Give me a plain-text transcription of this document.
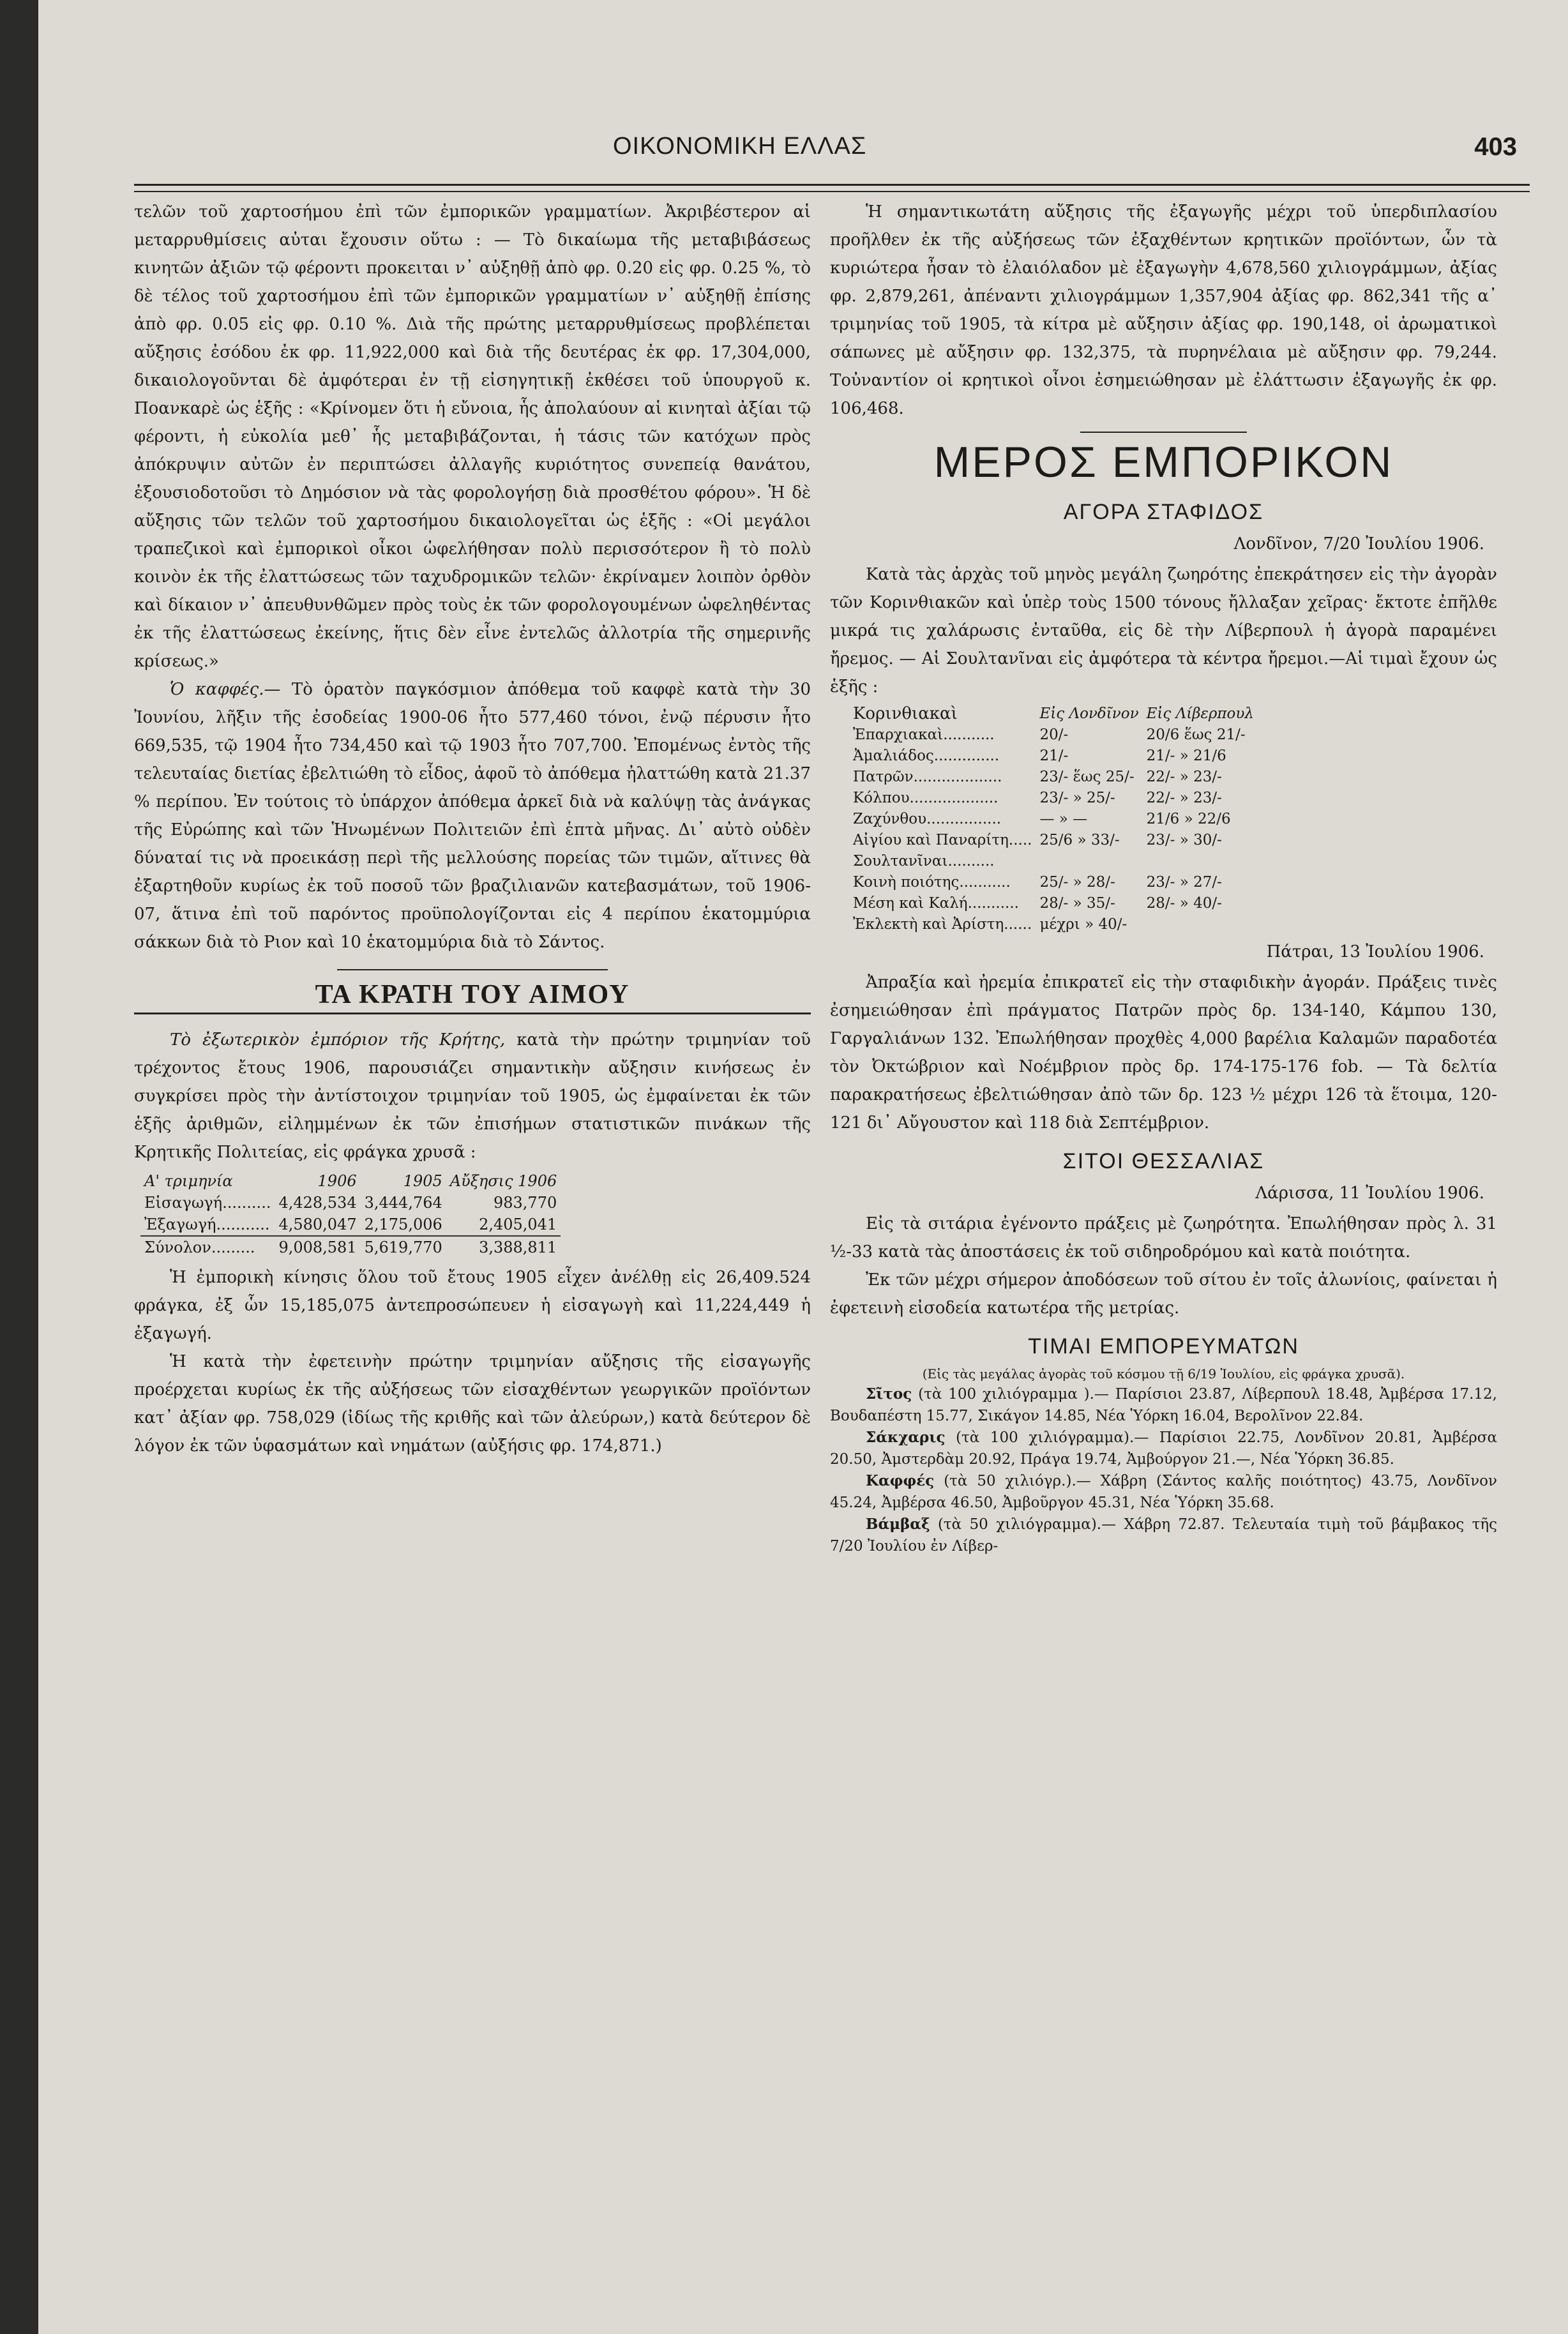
ΟΙΚΟΝΟΜΙΚΗ ΕΛΛΑΣ	403

τελῶν τοῦ χαρτοσήμου ἐπὶ τῶν ἐμπορικῶν γραμματίων. Ἀκριβέστερον αἱ μεταρρυθμίσεις αὐται ἔχουσιν οὕτω : — Τὸ δικαίωμα τῆς μεταβιβάσεως κινητῶν ἀξιῶν τῷ φέροντι προκειται ν᾿ αὐξηθῇ ἀπὸ φρ. 0.20 εἰς φρ. 0.25 %, τὸ δὲ τέλος τοῦ χαρτοσήμου ἐπὶ τῶν ἐμπορικῶν γραμματίων ν᾿ αὐξηθῇ ἐπίσης ἀπὸ φρ. 0.05 εἰς φρ. 0.10 %. Διὰ τῆς πρώτης μεταρρυθμίσεως προβλέπεται αὔξησις ἐσόδου ἐκ φρ. 11,922,000 καὶ διὰ τῆς δευτέρας ἐκ φρ. 17,304,000, δικαιολογοῦνται δὲ ἀμφότεραι ἐν τῇ εἰσηγητικῇ ἐκθέσει τοῦ ὑπουργοῦ κ. Ποανκαρὲ ὡς ἑξῆς : «Κρίνομεν ὅτι ἡ εὔνοια, ἧς ἀπολαύουν αἱ κινηταὶ ἀξίαι τῷ φέροντι, ἡ εὐκολία μεθ᾿ ἧς μεταβιβάζονται, ἡ τάσις τῶν κατόχων πρὸς ἀπόκρυψιν αὐτῶν ἐν περιπτώσει ἀλλαγῆς κυριότητος συνεπείᾳ θανάτου, ἐξουσιοδοτοῦσι τὸ Δημόσιον νὰ τὰς φορολογήσῃ διὰ προσθέτου φόρου». Ἡ δὲ αὔξησις τῶν τελῶν τοῦ χαρτοσήμου δικαιολογεῖται ὡς ἑξῆς : «Οἱ μεγάλοι τραπεζικοὶ καὶ ἐμπορικοὶ οἶκοι ὠφελήθησαν πολὺ περισσότερον ἢ τὸ πολὺ κοινὸν ἐκ τῆς ἐλαττώσεως τῶν ταχυδρομικῶν τελῶν· ἐκρίναμεν λοιπὸν ὀρθὸν καὶ δίκαιον ν᾿ ἀπευθυνθῶμεν πρὸς τοὺς ἐκ τῶν φορολογουμένων ὠφεληθέντας ἐκ τῆς ἐλαττώσεως ἐκείνης, ἥτις δὲν εἶνε ἐντελῶς ἀλλοτρία τῆς σημερινῆς κρίσεως.»

Ὁ καφφές.— Τὸ ὁρατὸν παγκόσμιον ἀπόθεμα τοῦ καφφὲ κατὰ τὴν 30 Ἰουνίου, λῆξιν τῆς ἐσοδείας 1900-06 ἦτο 577,460 τόνοι, ἐνῷ πέρυσιν ἦτο 669,535, τῷ 1904 ἦτο 734,450 καὶ τῷ 1903 ἦτο 707,700. Ἐπομένως ἐντὸς τῆς τελευταίας διετίας ἐβελτιώθη τὸ εἶδος, ἀφοῦ τὸ ἀπόθεμα ἠλαττώθη κατὰ 21.37 % περίπου. Ἐν τούτοις τὸ ὑπάρχον ἀπόθεμα ἀρκεῖ διὰ νὰ καλύψῃ τὰς ἀνάγκας τῆς Εὐρώπης καὶ τῶν Ἡνωμένων Πολιτειῶν ἐπὶ ἑπτὰ μῆνας. Δι᾿ αὐτὸ οὐδὲν δύναταί τις νὰ προεικάσῃ περὶ τῆς μελλούσης πορείας τῶν τιμῶν, αἵτινες θὰ ἐξαρτηθοῦν κυρίως ἐκ τοῦ ποσοῦ τῶν βραζιλιανῶν κατεβασμάτων, τοῦ 1906-07, ἅτινα ἐπὶ τοῦ παρόντος προϋπολογίζονται εἰς 4 περίπου ἑκατομμύρια σάκκων διὰ τὸ Ριον καὶ 10 ἑκατομμύρια διὰ τὸ Σάντος.

ΤΑ ΚΡΑΤΗ ΤΟΥ ΑΙΜΟΥ

Τὸ ἐξωτερικὸν ἐμπόριον τῆς Κρήτης, κατὰ τὴν πρώτην τριμηνίαν τοῦ τρέχοντος ἔτους 1906, παρουσιάζει σημαντικὴν αὔξησιν κινήσεως ἐν συγκρίσει πρὸς τὴν ἀντίστοιχον τριμηνίαν τοῦ 1905, ὡς ἐμφαίνεται ἐκ τῶν ἑξῆς ἀριθμῶν, εἰλημμένων ἐκ τῶν ἐπισήμων στατιστικῶν πινάκων τῆς Κρητικῆς Πολιτείας, εἰς φράγκα χρυσᾶ :

Α' τριμηνία	1906	1905	Αὔξησις 1906
Εἰσαγωγή..........	4,428,534	3,444,764	983,770
Ἐξαγωγή...........	4,580,047	2,175,006	2,405,041
Σύνολον.........	9,008,581	5,619,770	3,388,811

Ἡ ἐμπορικὴ κίνησις ὅλου τοῦ ἔτους 1905 εἶχεν ἀνέλθῃ εἰς 26,409.524 φράγκα, ἐξ ὧν 15,185,075 ἀντεπροσώπευεν ἡ εἰσαγωγὴ καὶ 11,224,449 ἡ ἐξαγωγή.

Ἡ κατὰ τὴν ἐφετεινὴν πρώτην τριμηνίαν αὔξησις τῆς εἰσαγωγῆς προέρχεται κυρίως ἐκ τῆς αὐξήσεως τῶν εἰσαχθέντων γεωργικῶν προϊόντων κατ᾿ ἀξίαν φρ. 758,029 (ἰδίως τῆς κριθῆς καὶ τῶν ἀλεύρων,) κατὰ δεύτερον δὲ λόγον ἐκ τῶν ὑφασμάτων καὶ νημάτων (αὐξήσις φρ. 174,871.)

Ἡ σημαντικωτάτη αὔξησις τῆς ἐξαγωγῆς μέχρι τοῦ ὑπερδιπλασίου προῆλθεν ἐκ τῆς αὐξήσεως τῶν ἐξαχθέντων κρητικῶν προϊόντων, ὧν τὰ κυριώτερα ἦσαν τὸ ἐλαιόλαδον μὲ ἐξαγωγὴν 4,678,560 χιλιογράμμων, ἀξίας φρ. 2,879,261, ἀπέναντι χιλιογράμμων 1,357,904 ἀξίας φρ. 862,341 τῆς α᾿ τριμηνίας τοῦ 1905, τὰ κίτρα μὲ αὔξησιν ἀξίας φρ. 190,148, οἱ ἀρωματικοὶ σάπωνες μὲ αὔξησιν φρ. 132,375, τὰ πυρηνέλαια μὲ αὔξησιν φρ. 79,244. Τοὐναντίον οἱ κρητικοὶ οἶνοι ἐσημειώθησαν μὲ ἐλάττωσιν ἐξαγωγῆς ἐκ φρ. 106,468.

ΜΕΡΟΣ ΕΜΠΟΡΙΚΟΝ
ΑΓΟΡΑ ΣΤΑΦΙΔΟΣ
Λονδῖνον, 7/20 Ἰουλίου 1906.

Κατὰ τὰς ἀρχὰς τοῦ μηνὸς μεγάλη ζωηρότης ἐπεκράτησεν εἰς τὴν ἀγορὰν τῶν Κορινθιακῶν καὶ ὑπὲρ τοὺς 1500 τόνους ἤλλαξαν χεῖρας· ἔκτοτε ἐπῆλθε μικρά τις χαλάρωσις ἐνταῦθα, εἰς δὲ τὴν Λίβερπουλ ἡ ἀγορὰ παραμένει ἤρεμος. — Αἱ Σουλτανῖναι εἰς ἀμφότερα τὰ κέντρα ἤρεμοι.—Αἱ τιμαὶ ἔχουν ὡς ἑξῆς :

Κορινθιακαὶ	Εἰς Λονδῖνον	Εἰς Λίβερπουλ
Ἐπαρχιακαὶ...........	20/-	20/6 ἕως 21/-
Ἀμαλιάδος..............	21/-	21/- » 21/6
Πατρῶν...................	23/- ἕως 25/-	22/- » 23/-
Κόλπου...................	23/- » 25/-	22/- » 23/-
Ζαχύνθου................	— » —	21/6 » 22/6
Αἰγίου καὶ Παναρίτη.....	25/6 » 33/-	23/- » 30/-
Σουλτανῖναι..........		
Κοινὴ ποιότης...........	25/- » 28/-	23/- » 27/-
Μέση καὶ Καλή...........	28/- » 35/-	28/- » 40/-
Ἐκλεκτὴ καὶ Ἀρίστη......	μέχρι » 40/-	
Πάτραι, 13 Ἰουλίου 1906.

Ἀπραξία καὶ ἠρεμία ἐπικρατεῖ εἰς τὴν σταφιδικὴν ἀγοράν. Πράξεις τινὲς ἐσημειώθησαν ἐπὶ πράγματος Πατρῶν πρὸς δρ. 134-140, Κάμπου 130, Γαργαλιάνων 132. Ἐπωλήθησαν προχθὲς 4,000 βαρέλια Καλαμῶν παραδοτέα τὸν Ὀκτώβριον καὶ Νοέμβριον πρὸς δρ. 174-175-176 fob. — Τὰ δελτία παρακρατήσεως ἐβελτιώθησαν ἀπὸ τῶν δρ. 123 ½ μέχρι 126 τὰ ἕτοιμα, 120-121 δι᾿ Αὔγουστον καὶ 118 διὰ Σεπτέμβριον.

ΣΙΤΟΙ ΘΕΣΣΑΛΙΑΣ
Λάρισσα, 11 Ἰουλίου 1906.

Εἰς τὰ σιτάρια ἐγένοντο πράξεις μὲ ζωηρότητα. Ἐπωλήθησαν πρὸς λ. 31 ½-33 κατὰ τὰς ἀποστάσεις ἐκ τοῦ σιδηροδρόμου καὶ κατὰ ποιότητα.

Ἐκ τῶν μέχρι σήμερον ἀποδόσεων τοῦ σίτου ἐν τοῖς ἀλωνίοις, φαίνεται ἡ ἐφετεινὴ εἰσοδεία κατωτέρα τῆς μετρίας.

ΤΙΜΑΙ ΕΜΠΟΡΕΥΜΑΤΩΝ

(Εἰς τὰς μεγάλας ἀγορὰς τοῦ κόσμου τῇ 6/19 Ἰουλίου, εἰς φράγκα χρυσᾶ).

Σῖτος (τὰ 100 χιλιόγραμμα ).— Παρίσιοι 23.87, Λίβερπουλ 18.48, Ἀμβέρσα 17.12, Βουδαπέστη 15.77, Σικάγον 14.85, Νέα Ὑόρκη 16.04, Βερολῖνον 22.84.

Σάκχαρις (τὰ 100 χιλιόγραμμα).— Παρίσιοι 22.75, Λονδῖνον 20.81, Ἀμβέρσα 20.50, Ἀμστερδὰμ 20.92, Πράγα 19.74, Ἀμβούργον 21.—, Νέα Ὑόρκη 36.85.

Καφφές (τὰ 50 χιλιόγρ.).— Χάβρη (Σάντος καλῆς ποιότητος) 43.75, Λονδῖνον 45.24, Ἀμβέρσα 46.50, Ἀμβοῦργον 45.31, Νέα Ὑόρκη 35.68.

Βάμβαξ (τὰ 50 χιλιόγραμμα).— Χάβρη 72.87. Τελευταία τιμὴ τοῦ βάμβακος τῆς 7/20 Ἰουλίου ἐν Λίβερ-
